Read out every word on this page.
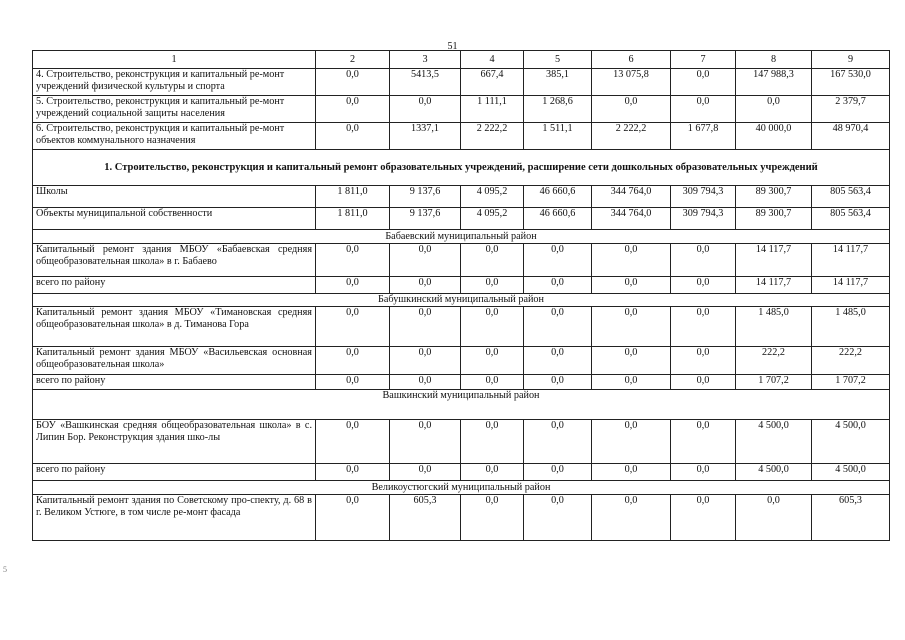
51
5
1	2	3	4	5	6	7	8	9
4. Строительство, реконструкция и капитальный ре-монт учреждений физической культуры и спорта	0,0	5413,5	667,4	385,1	13 075,8	0,0	147 988,3	167 530,0
5. Строительство, реконструкция и капитальный ре-монт учреждений социальной защиты населения	0,0	0,0	1 111,1	1 268,6	0,0	0,0	0,0	2 379,7
6. Строительство, реконструкция и капитальный ре-монт объектов коммунального назначения	0,0	1337,1	2 222,2	1 511,1	2 222,2	1 677,8	40 000,0	48 970,4
1. Строительство, реконструкция и капитальный ремонт образовательных учреждений, расширение сети дошкольных образовательных учреждений								
Школы	1 811,0	9 137,6	4 095,2	46 660,6	344 764,0	309 794,3	89 300,7	805 563,4
Объекты муниципальной собственности	1 811,0	9 137,6	4 095,2	46 660,6	344 764,0	309 794,3	89 300,7	805 563,4
Бабаевский муниципальный район								
Капитальный ремонт здания МБОУ «Бабаевская средняя общеобразовательная школа» в г. Бабаево	0,0	0,0	0,0	0,0	0,0	0,0	14 117,7	14 117,7
всего по району	0,0	0,0	0,0	0,0	0,0	0,0	14 117,7	14 117,7
Бабушкинский муниципальный район								
Капитальный ремонт здания МБОУ «Тимановская средняя общеобразовательная школа» в д. Тиманова Гора	0,0	0,0	0,0	0,0	0,0	0,0	1 485,0	1 485,0
Капитальный ремонт здания МБОУ «Васильевская основная общеобразовательная школа»	0,0	0,0	0,0	0,0	0,0	0,0	222,2	222,2
всего по району	0,0	0,0	0,0	0,0	0,0	0,0	1 707,2	1 707,2
Вашкинский муниципальный район								
БОУ «Вашкинская средняя общеобразовательная школа» в с. Липин Бор. Реконструкция здания шко-лы	0,0	0,0	0,0	0,0	0,0	0,0	4 500,0	4 500,0
всего по району	0,0	0,0	0,0	0,0	0,0	0,0	4 500,0	4 500,0
Великоустюгский муниципальный район								
Капитальный ремонт здания по Советскому про-спекту, д. 68 в г. Великом Устюге, в том числе ре-монт фасада	0,0	605,3	0,0	0,0	0,0	0,0	0,0	605,3
